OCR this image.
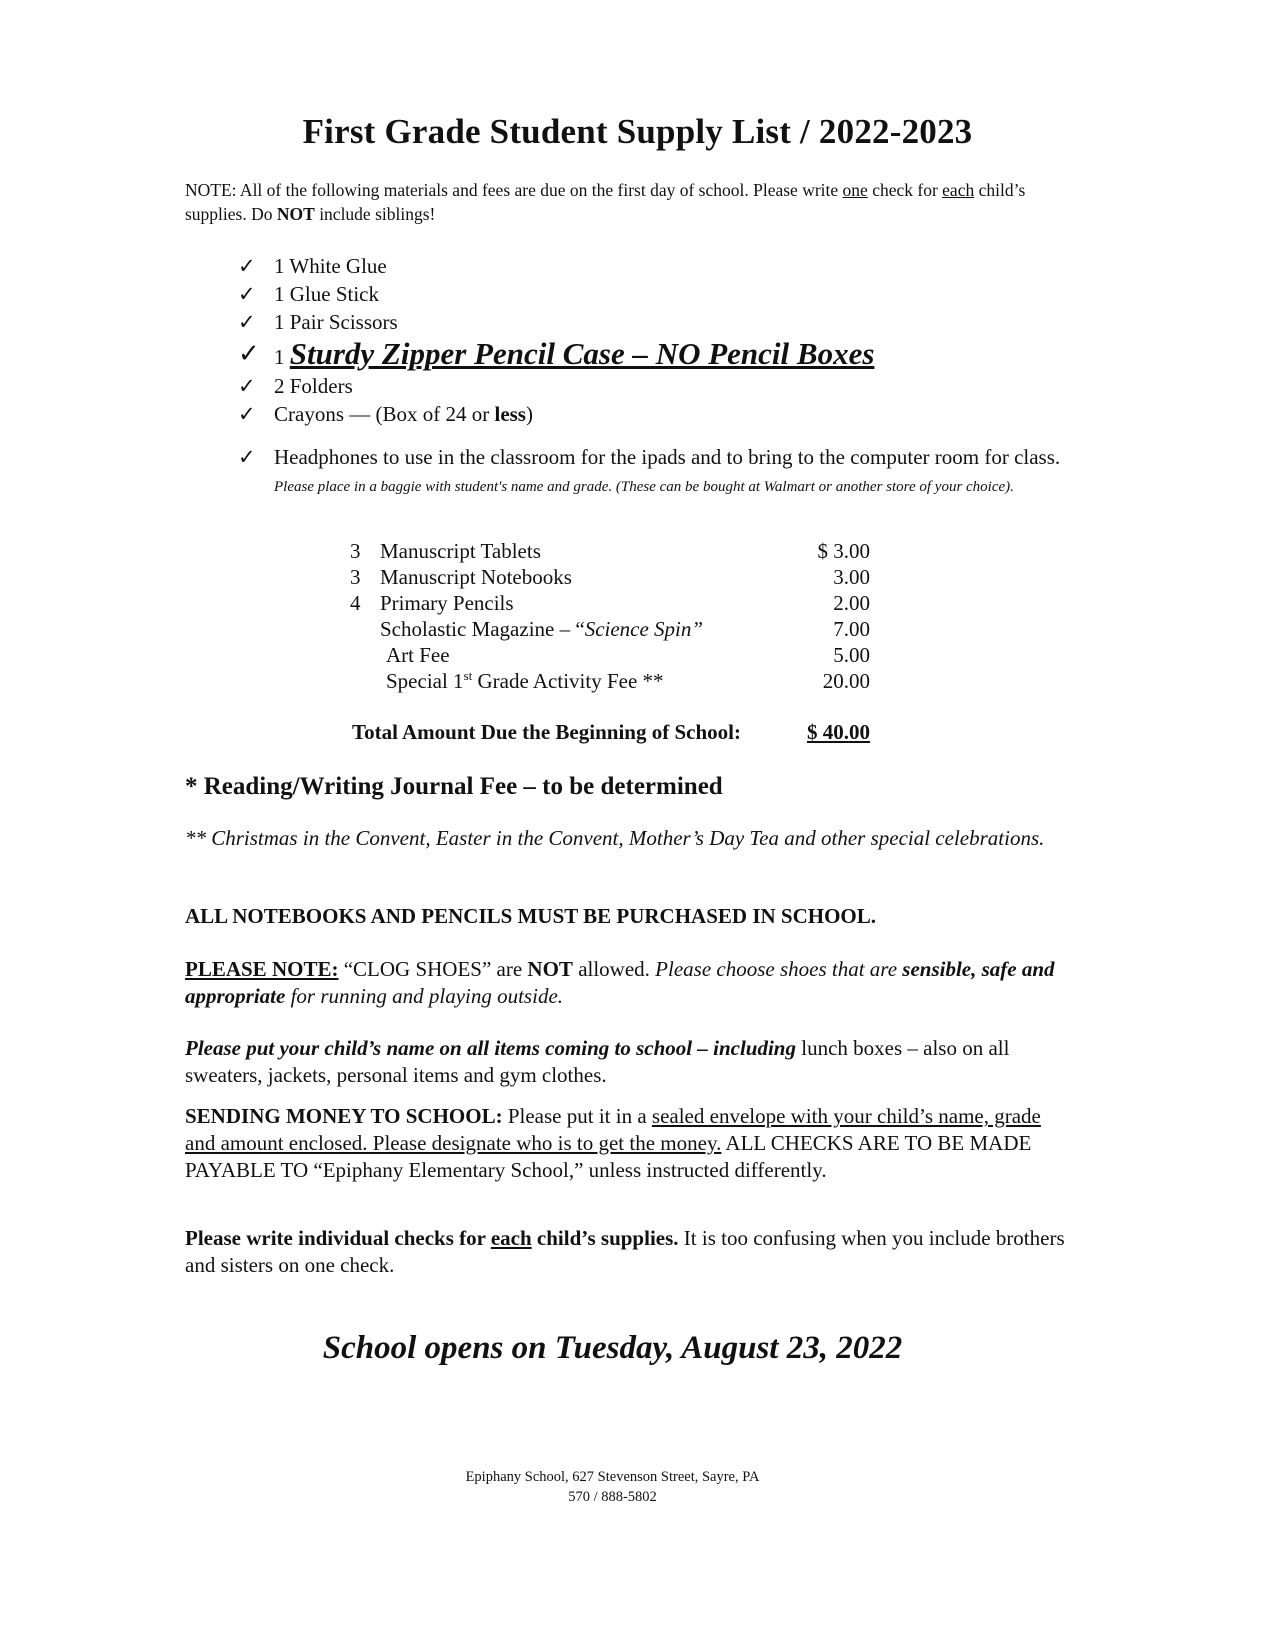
First Grade Student Supply List / 2022-2023
NOTE: All of the following materials and fees are due on the first day of school. Please write one check for each child’s supplies. Do NOT include siblings!
✓ 1 White Glue
✓ 1 Glue Stick
✓ 1 Pair Scissors
✓ 1 Sturdy Zipper Pencil Case – NO Pencil Boxes
✓ 2 Folders
✓ Crayons — (Box of 24 or less)
✓ Headphones to use in the classroom for the ipads and to bring to the computer room for class. Please place in a baggie with student's name and grade. (These can be bought at Walmart or another store of your choice).
3 Manuscript Tablets	$ 3.00
3 Manuscript Notebooks	3.00
4 Primary Pencils	2.00
Scholastic Magazine – “Science Spin”	7.00
Art Fee	5.00
Special 1st Grade Activity Fee **	20.00
Total Amount Due the Beginning of School:	$ 40.00
* Reading/Writing Journal Fee – to be determined
** Christmas in the Convent, Easter in the Convent, Mother’s Day Tea and other special celebrations.
ALL NOTEBOOKS AND PENCILS MUST BE PURCHASED IN SCHOOL.
PLEASE NOTE: “CLOG SHOES” are NOT allowed. Please choose shoes that are sensible, safe and appropriate for running and playing outside.
Please put your child’s name on all items coming to school – including lunch boxes – also on all sweaters, jackets, personal items and gym clothes.
SENDING MONEY TO SCHOOL: Please put it in a sealed envelope with your child’s name, grade and amount enclosed. Please designate who is to get the money. ALL CHECKS ARE TO BE MADE PAYABLE TO “Epiphany Elementary School,” unless instructed differently.
Please write individual checks for each child’s supplies. It is too confusing when you include brothers and sisters on one check.
School opens on Tuesday, August 23, 2022
Epiphany School, 627 Stevenson Street, Sayre, PA
570 / 888-5802
